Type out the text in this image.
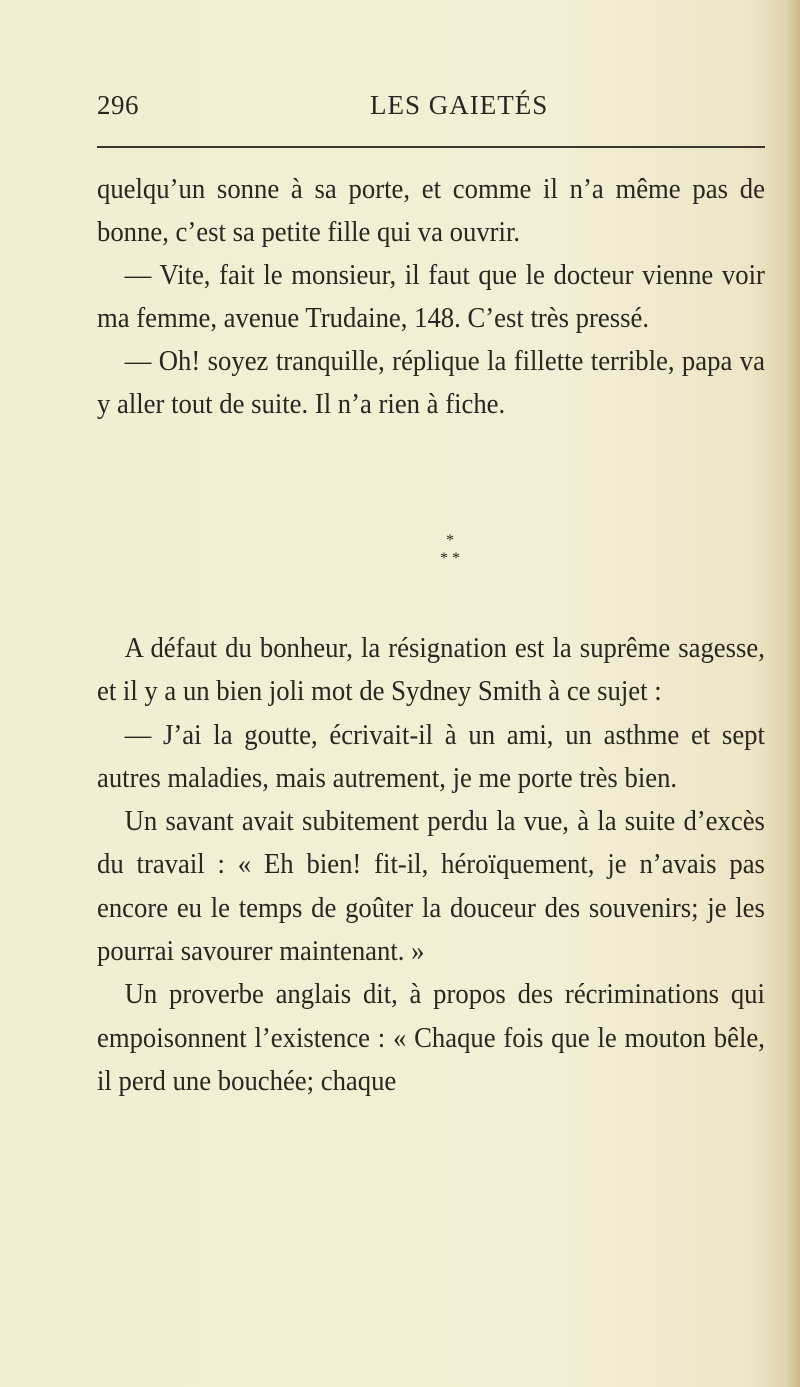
296	LES GAIETÉS

quelqu’un sonne à sa porte, et comme il n’a même pas de bonne, c’est sa petite fille qui va ouvrir.

— Vite, fait le monsieur, il faut que le docteur vienne voir ma femme, avenue Trudaine, 148. C’est très pressé.

— Oh! soyez tranquille, réplique la fillette terrible, papa va y aller tout de suite. Il n’a rien à fiche.

*
* *

A défaut du bonheur, la résignation est la suprême sagesse, et il y a un bien joli mot de Sydney Smith à ce sujet :

— J’ai la goutte, écrivait-il à un ami, un asthme et sept autres maladies, mais autrement, je me porte très bien.

Un savant avait subitement perdu la vue, à la suite d’excès du travail : « Eh bien! fit-il, héroïquement, je n’avais pas encore eu le temps de goûter la douceur des souvenirs; je les pourrai savourer maintenant. »

Un proverbe anglais dit, à propos des récriminations qui empoisonnent l’existence : « Chaque fois que le mouton bêle, il perd une bouchée; chaque
